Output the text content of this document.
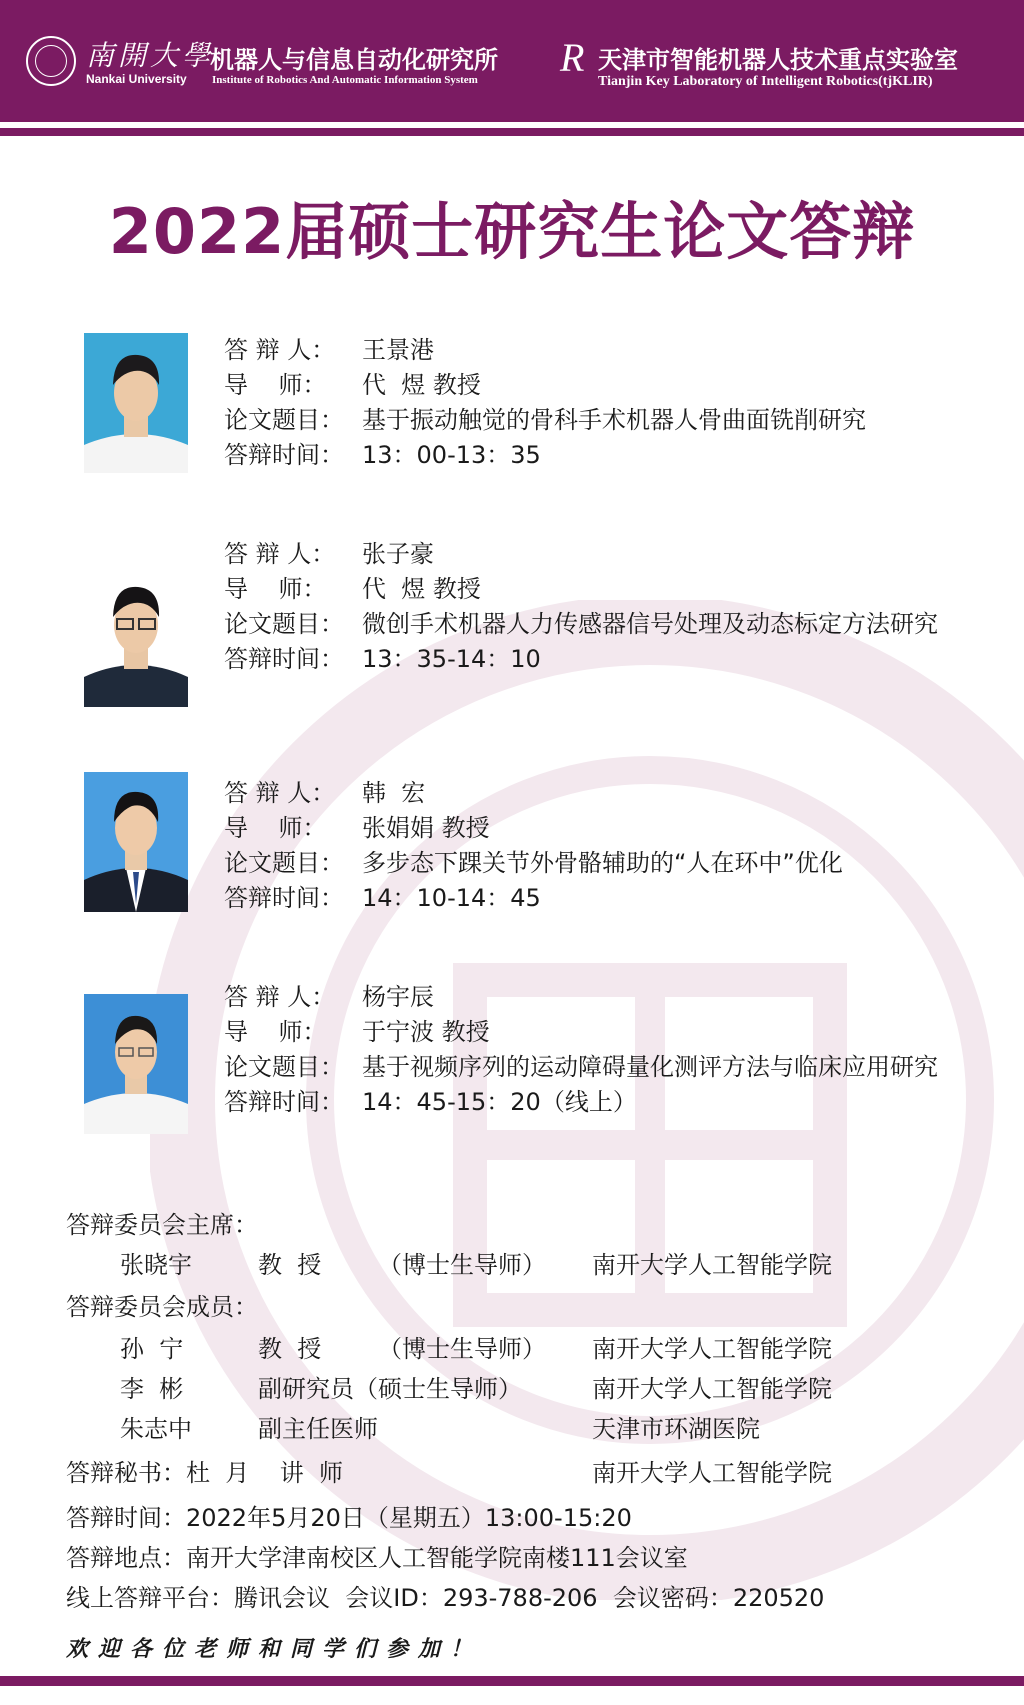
南開大學
Nankai University
机器人与信息自动化研究所
Institute of Robotics And Automatic Information System R 天津市智能机器人技术重点实验室
Tianjin Key Laboratory of Intelligent Robotics(tjKLIR)
2022届硕士研究生论文答辩
答 辩 人：	王景港
导    师：	代  煜 教授
论文题目： 基于振动触觉的骨科手术机器人骨曲面铣削研究
答辩时间： 13：00-13：35
答 辩 人：	张子豪
导    师：	代  煜 教授
论文题目： 微创手术机器人力传感器信号处理及动态标定方法研究
答辩时间： 13：35-14：10
答 辩 人：	韩  宏
导    师：	张娟娟 教授
论文题目： 多步态下踝关节外骨骼辅助的“人在环中”优化
答辩时间： 14：10-14：45
答 辩 人：	杨宇辰
导    师：	于宁波 教授
论文题目： 基于视频序列的运动障碍量化测评方法与临床应用研究
答辩时间： 14：45-15：20（线上）
答辩委员会主席：
张晓宇	教  授 （博士生导师） 南开大学人工智能学院
答辩委员会成员：
孙  宁	教  授 （博士生导师） 南开大学人工智能学院
李  彬	副研究员（硕士生导师）	南开大学人工智能学院
朱志中	副主任医师	天津市环湖医院
答辩秘书：杜  月    讲  师	南开大学人工智能学院
答辩时间：2022年5月20日（星期五）13:00-15:20
答辩地点：南开大学津南校区人工智能学院南楼111会议室
线上答辩平台：腾讯会议  会议ID：293-788-206  会议密码：220520
欢迎各位老师和同学们参加！
